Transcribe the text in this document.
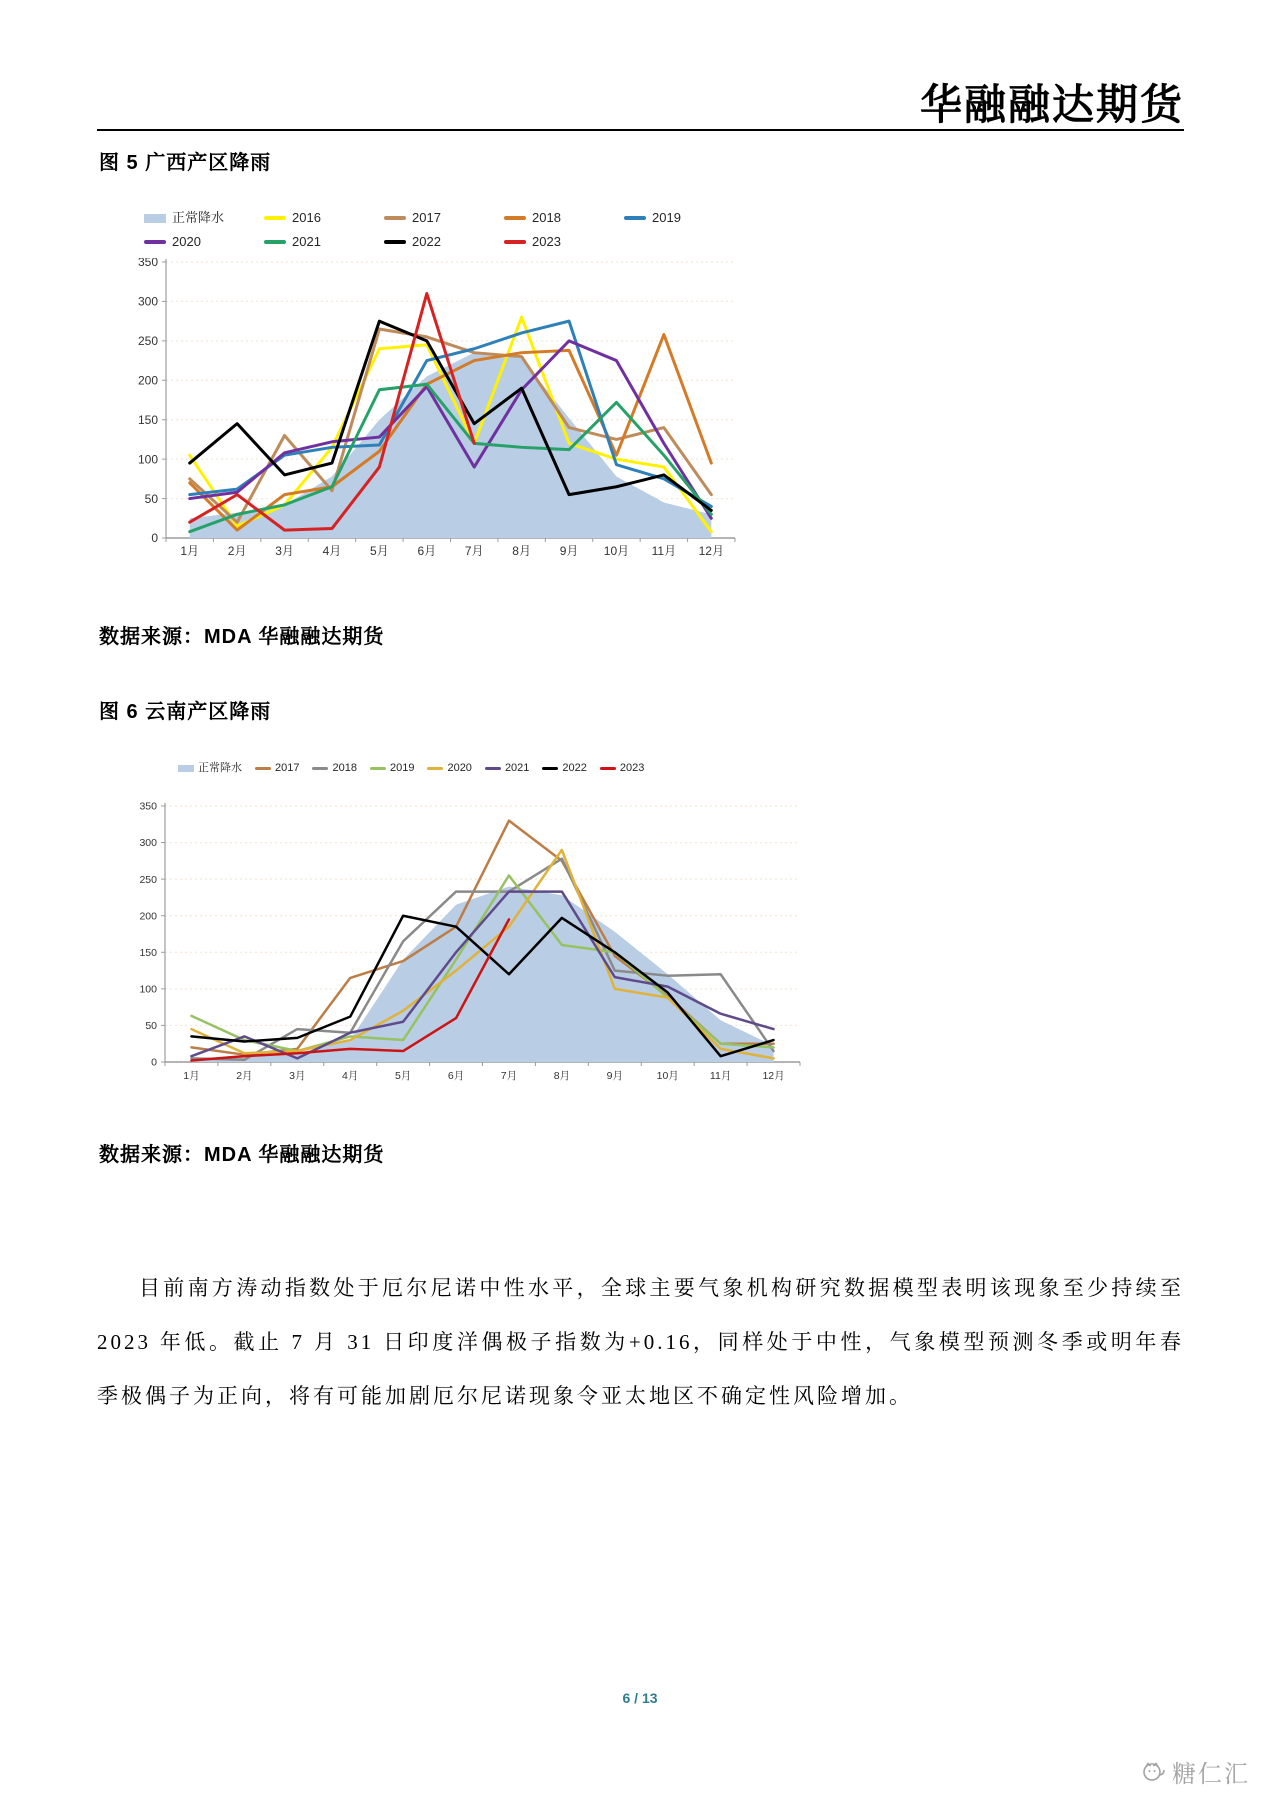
华融融达期货
图 5 广西产区降雨
正常降水	2016	2017	2018	2019
2020	2021	2022	2023
0
50
100
150
200
250
300
350
1月 2月 3月 4月 5月 6月 7月 8月 9月 10月 11月 12月
数据来源：MDA 华融融达期货
图 6 云南产区降雨
正常降水	2017	2018	2019	2020	2021	2022	2023
0
50
100
150
200
250
300
350
1月	2月	3月	4月	5月	6月	7月	8月	9月	10月	11月	12月
数据来源：MDA 华融融达期货

目前南方涛动指数处于厄尔尼诺中性水平，全球主要气象机构研究数据模型表明该现象至少持续至 2023 年低。截止 7 月 31 日印度洋偶极子指数为+0.16，同样处于中性，气象模型预测冬季或明年春季极偶子为正向，将有可能加剧厄尔尼诺现象令亚太地区不确定性风险增加。

6 / 13
糖仁汇
